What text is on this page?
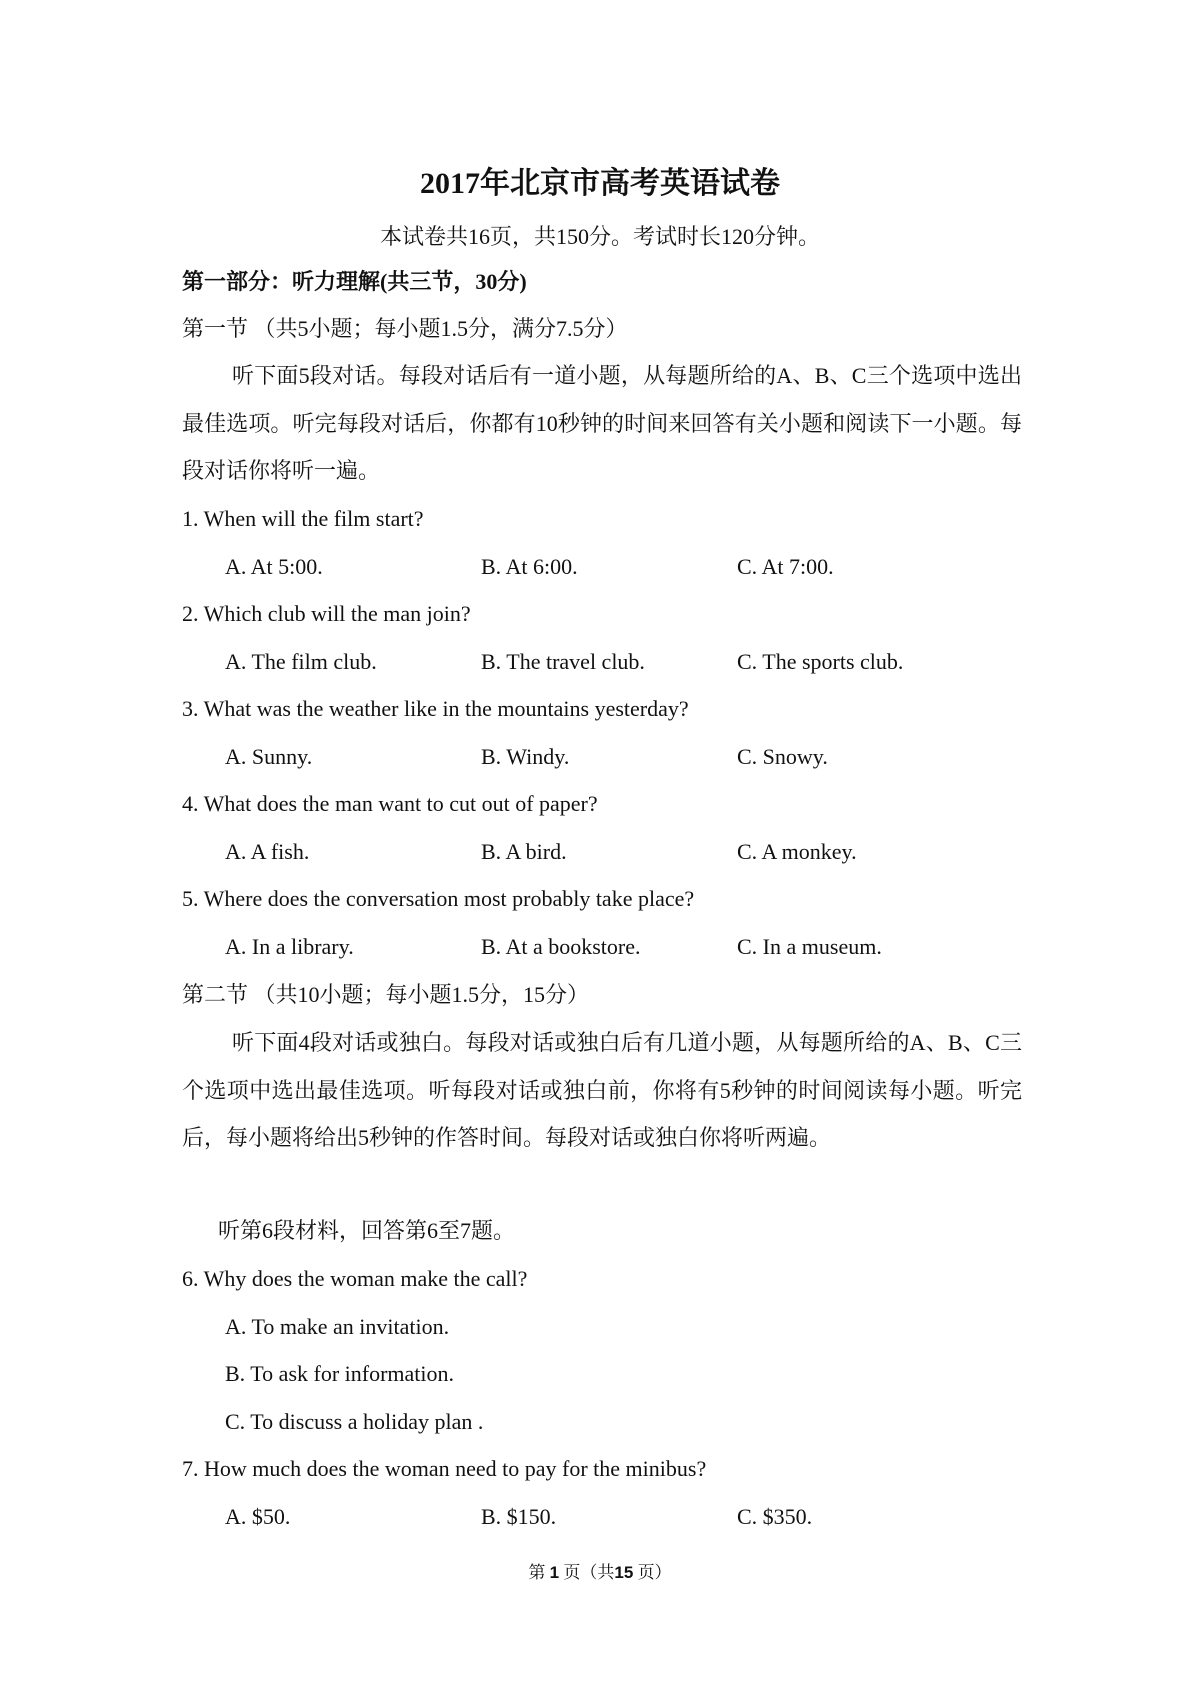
2017年北京市高考英语试卷
本试卷共16页，共150分。考试时长120分钟。
第一部分：听力理解(共三节，30分)
第一节 （共5小题；每小题1.5分，满分7.5分）
听下面5段对话。每段对话后有一道小题，从每题所给的A、B、C三个选项中选出最佳选项。听完每段对话后，你都有10秒钟的时间来回答有关小题和阅读下一小题。每段对话你将听一遍。
1. When will the film start?
A. At 5:00.	B. At 6:00.	C. At 7:00.
2. Which club will the man join?
A. The film club.	B. The travel club.	C. The sports club.
3. What was the weather like in the mountains yesterday?
A. Sunny.	B. Windy.	C. Snowy.
4. What does the man want to cut out of paper?
A. A fish.	B. A bird.	C. A monkey.
5. Where does the conversation most probably take place?
A. In a library.	B. At a bookstore.	C. In a museum.
第二节 （共10小题；每小题1.5分，15分）
听下面4段对话或独白。每段对话或独白后有几道小题，从每题所给的A、B、C三个选项中选出最佳选项。听每段对话或独白前，你将有5秒钟的时间阅读每小题。听完后，每小题将给出5秒钟的作答时间。每段对话或独白你将听两遍。
听第6段材料，回答第6至7题。
6. Why does the woman make the call?
A. To make an invitation.
B. To ask for information.
C. To discuss a holiday plan .
7. How much does the woman need to pay for the minibus?
A. $50.	B. $150.	C. $350.
第 1 页（共15 页）
